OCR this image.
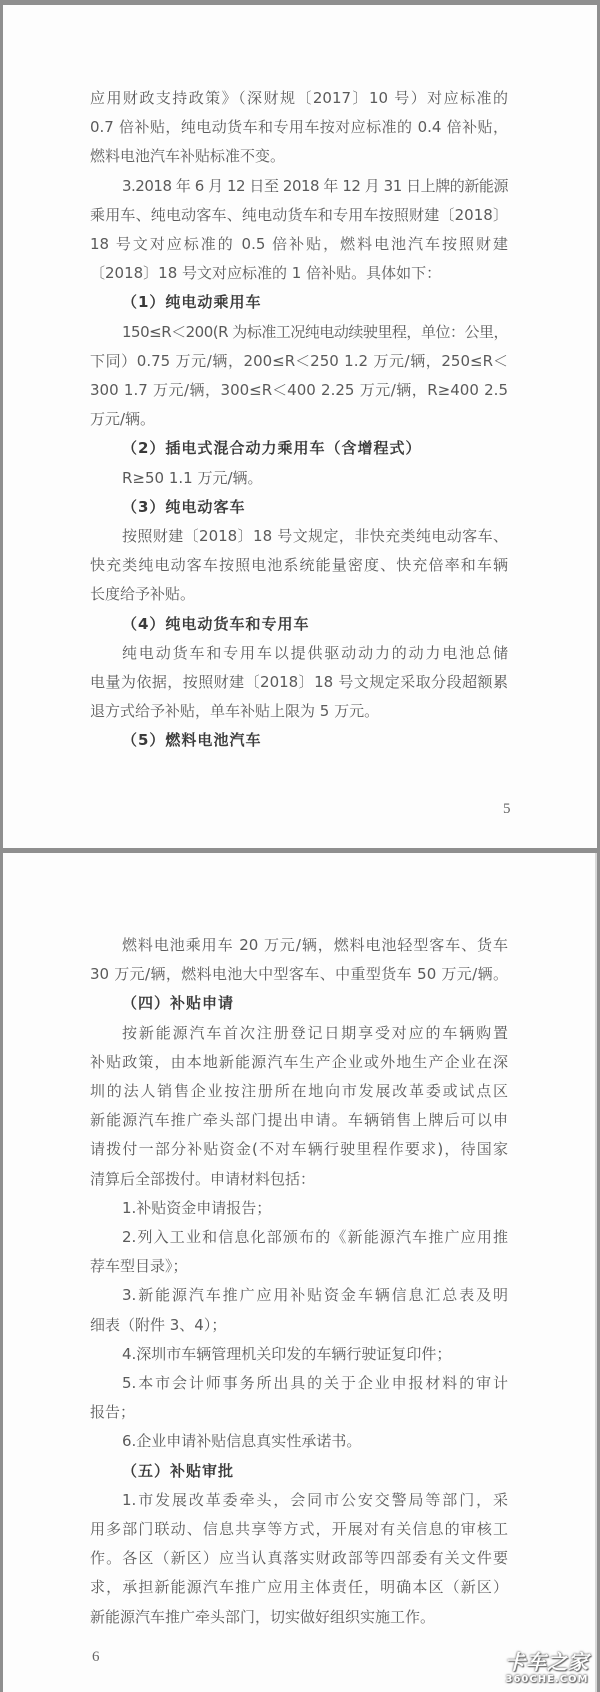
应用财政支持政策》（深财规〔2017〕10 号）对应标准的
0.7 倍补贴，纯电动货车和专用车按对应标准的 0.4 倍补贴，
燃料电池汽车补贴标准不变。
3.2018 年 6 月 12 日至 2018 年 12 月 31 日上牌的新能源
乘用车、纯电动客车、纯电动货车和专用车按照财建〔2018〕
18 号文对应标准的 0.5 倍补贴，燃料电池汽车按照财建
〔2018〕18 号文对应标准的 1 倍补贴。具体如下：
（1）纯电动乘用车
150≤R＜200(R 为标准工况纯电动续驶里程，单位：公里，
下同）0.75 万元/辆，200≤R＜250 1.2 万元/辆，250≤R＜
300 1.7 万元/辆，300≤R＜400 2.25 万元/辆，R≥400 2.5
万元/辆。
（2）插电式混合动力乘用车（含增程式）
R≥50 1.1 万元/辆。
（3）纯电动客车
按照财建〔2018〕18 号文规定，非快充类纯电动客车、
快充类纯电动客车按照电池系统能量密度、快充倍率和车辆
长度给予补贴。
（4）纯电动货车和专用车
纯电动货车和专用车以提供驱动动力的动力电池总储
电量为依据，按照财建〔2018〕18 号文规定采取分段超额累
退方式给予补贴，单车补贴上限为 5 万元。
（5）燃料电池汽车
5
燃料电池乘用车 20 万元/辆，燃料电池轻型客车、货车
30 万元/辆，燃料电池大中型客车、中重型货车 50 万元/辆。
（四）补贴申请
按新能源汽车首次注册登记日期享受对应的车辆购置
补贴政策，由本地新能源汽车生产企业或外地生产企业在深
圳的法人销售企业按注册所在地向市发展改革委或试点区
新能源汽车推广牵头部门提出申请。车辆销售上牌后可以申
请拨付一部分补贴资金(不对车辆行驶里程作要求)，待国家
清算后全部拨付。申请材料包括：
1.补贴资金申请报告；
2.列入工业和信息化部颁布的《新能源汽车推广应用推
荐车型目录》；
3.新能源汽车推广应用补贴资金车辆信息汇总表及明
细表（附件 3、4）；
4.深圳市车辆管理机关印发的车辆行驶证复印件；
5.本市会计师事务所出具的关于企业申报材料的审计
报告；
6.企业申请补贴信息真实性承诺书。
（五）补贴审批
1.市发展改革委牵头，会同市公安交警局等部门，采
用多部门联动、信息共享等方式，开展对有关信息的审核工
作。各区（新区）应当认真落实财政部等四部委有关文件要
求，承担新能源汽车推广应用主体责任，明确本区（新区）
新能源汽车推广牵头部门，切实做好组织实施工作。
6	卡车之家
360CHE.COM
